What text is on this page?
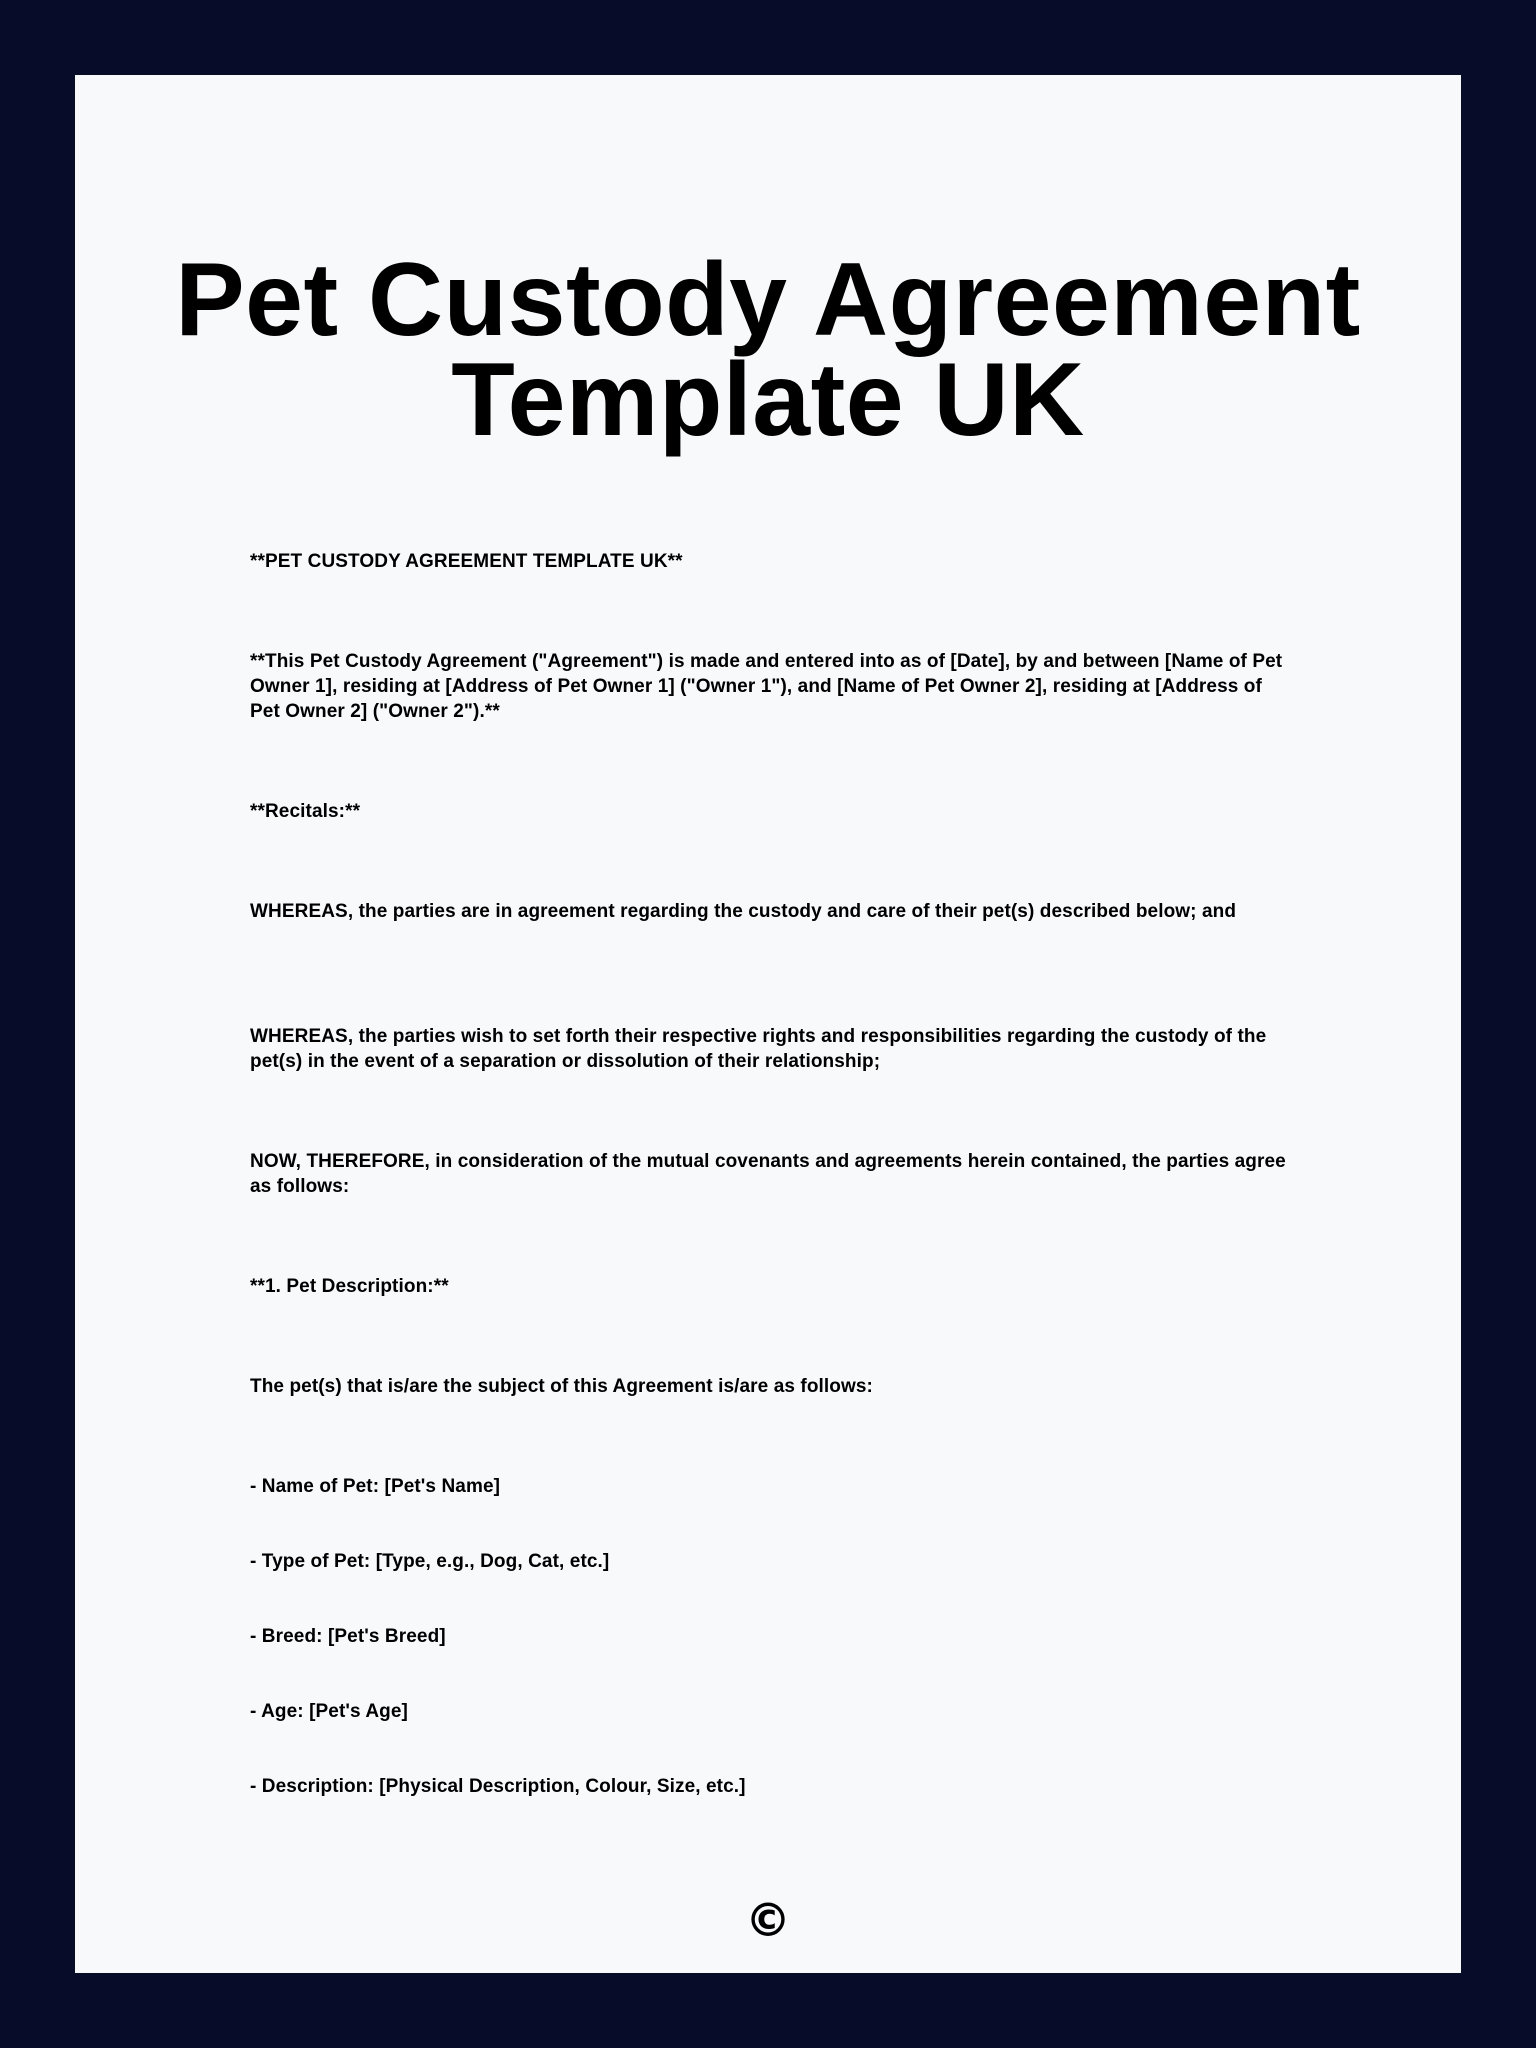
Pet Custody Agreement
Template UK

**PET CUSTODY AGREEMENT TEMPLATE UK**

**This Pet Custody Agreement ("Agreement") is made and entered into as of [Date], by and between [Name of Pet Owner 1], residing at [Address of Pet Owner 1] ("Owner 1"), and [Name of Pet Owner 2], residing at [Address of Pet Owner 2] ("Owner 2").**

**Recitals:**

WHEREAS, the parties are in agreement regarding the custody and care of their pet(s) described below; and

WHEREAS, the parties wish to set forth their respective rights and responsibilities regarding the custody of the pet(s) in the event of a separation or dissolution of their relationship;

NOW, THEREFORE, in consideration of the mutual covenants and agreements herein contained, the parties agree as follows:

**1. Pet Description:**

The pet(s) that is/are the subject of this Agreement is/are as follows:

- Name of Pet: [Pet's Name]

- Type of Pet: [Type, e.g., Dog, Cat, etc.]

- Breed: [Pet's Breed]

- Age: [Pet's Age]

- Description: [Physical Description, Colour, Size, etc.]

©
